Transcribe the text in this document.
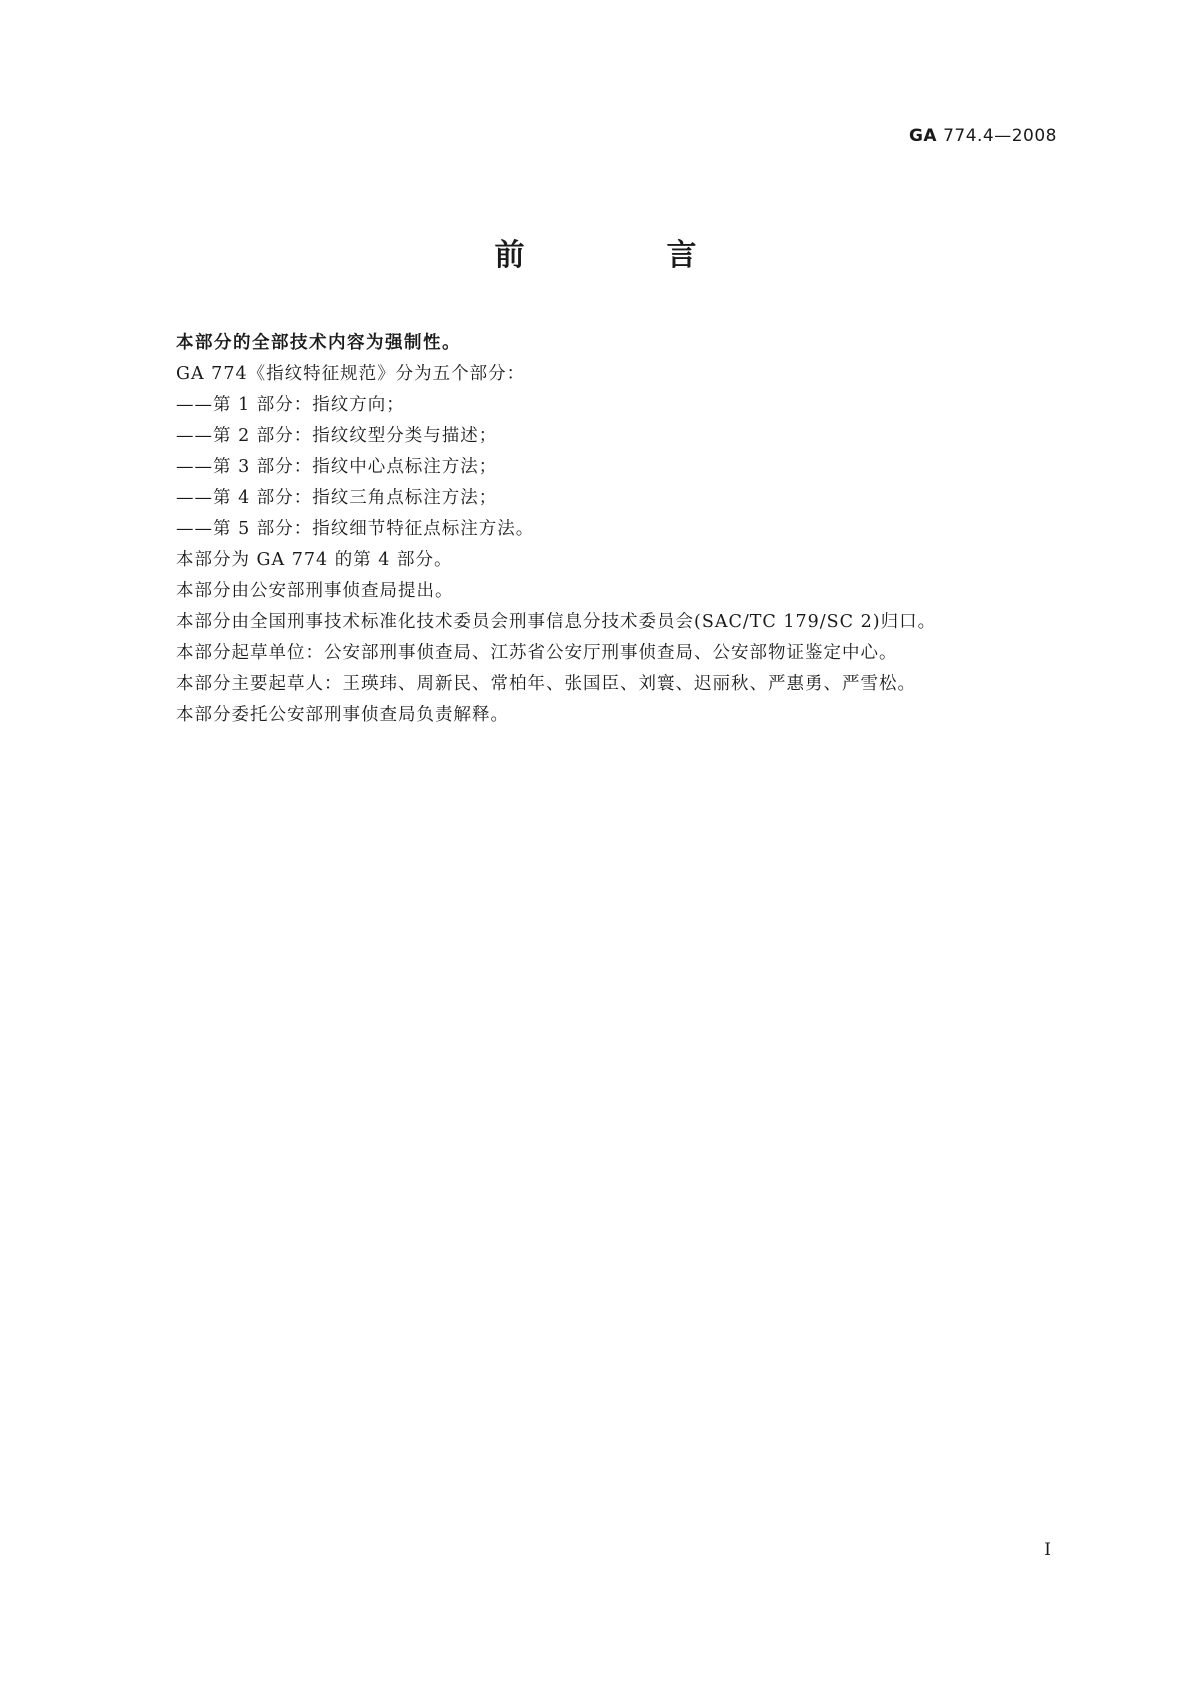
GA 774.4—2008
前　言
本部分的全部技术内容为强制性。
GA 774《指纹特征规范》分为五个部分：
——第 1 部分：指纹方向；
——第 2 部分：指纹纹型分类与描述；
——第 3 部分：指纹中心点标注方法；
——第 4 部分：指纹三角点标注方法；
——第 5 部分：指纹细节特征点标注方法。
本部分为 GA 774 的第 4 部分。
本部分由公安部刑事侦查局提出。
本部分由全国刑事技术标准化技术委员会刑事信息分技术委员会(SAC/TC 179/SC 2)归口。
本部分起草单位：公安部刑事侦查局、江苏省公安厅刑事侦查局、公安部物证鉴定中心。
本部分主要起草人：王瑛玮、周新民、常柏年、张国臣、刘寰、迟丽秋、严惠勇、严雪松。
本部分委托公安部刑事侦查局负责解释。
I
